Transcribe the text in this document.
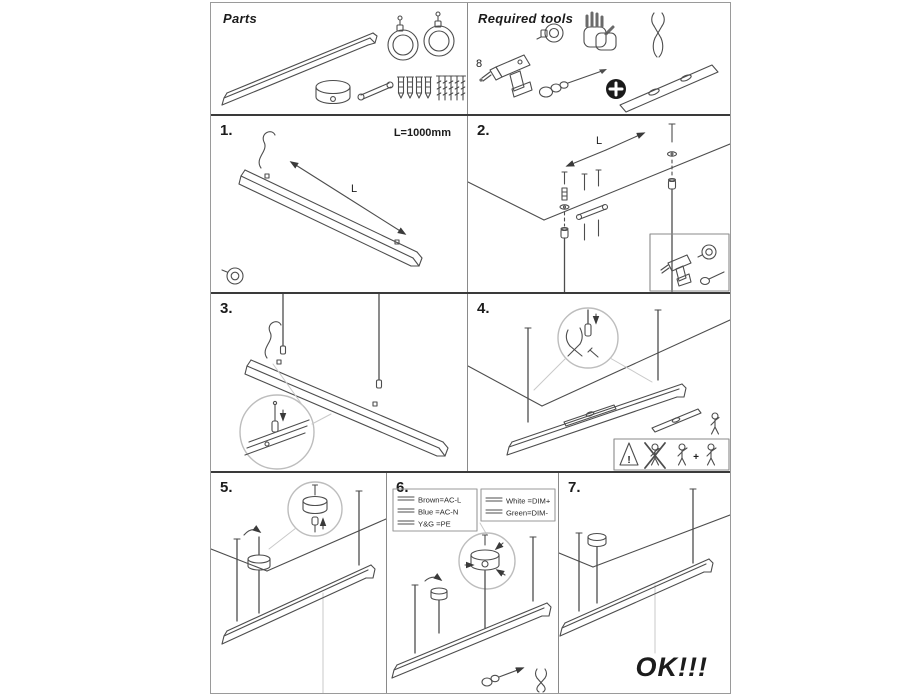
Parts	Required tools
8
1.	L=1000mm
L
2.
L
3.	4.
!	+
5.	6.
Brown=AC-L
Blue =AC-N
Y&G =PE
White =DIM+
Green=DIM-
7.
OK!!!
